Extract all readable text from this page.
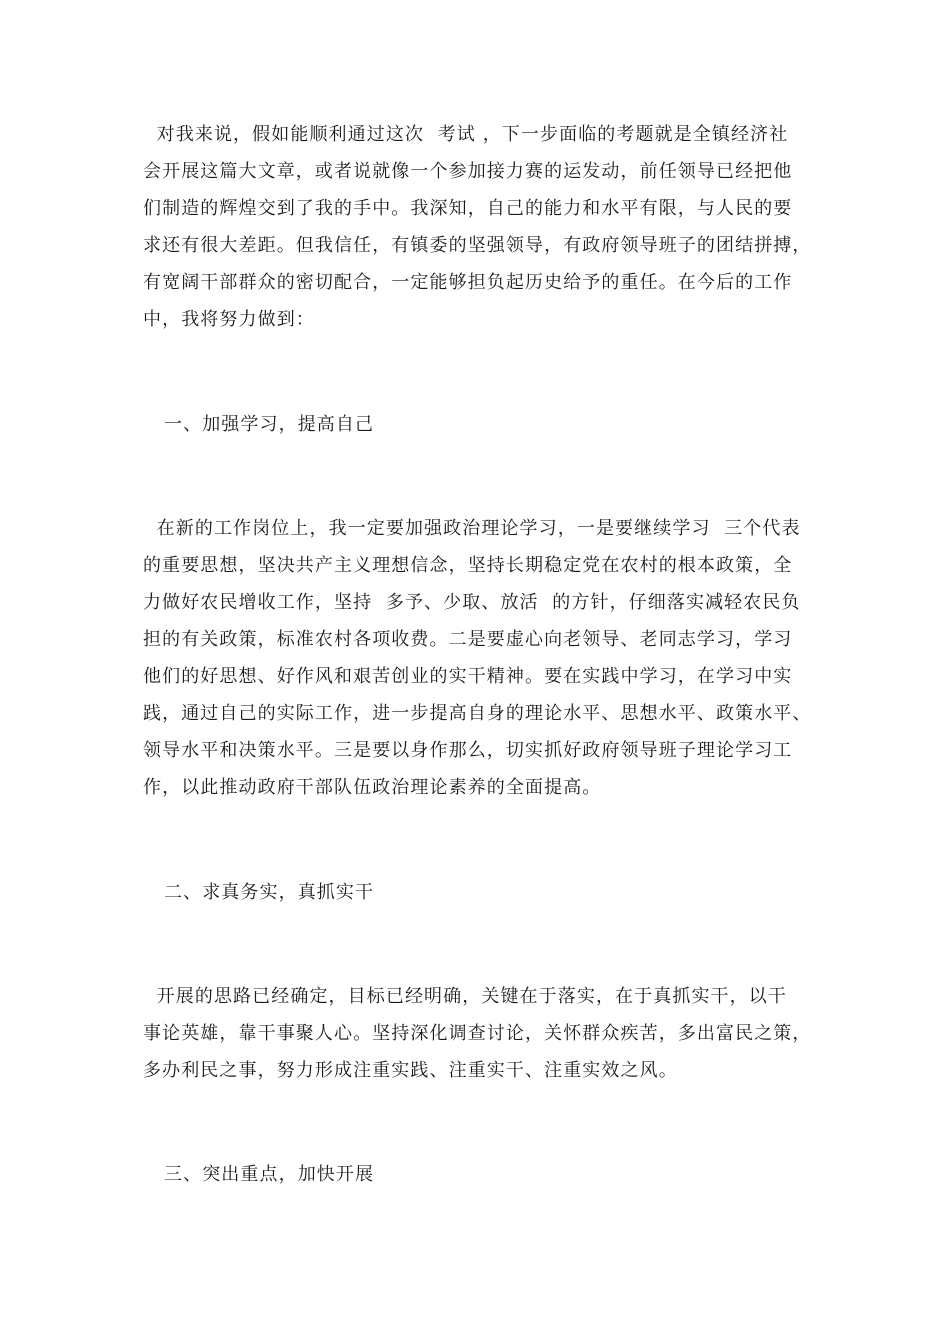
对我来说，假如能顺利通过这次  考试 ，下一步面临的考题就是全镇经济社
会开展这篇大文章，或者说就像一个参加接力赛的运发动，前任领导已经把他
们制造的辉煌交到了我的手中。我深知，自己的能力和水平有限，与人民的要
求还有很大差距。但我信任，有镇委的坚强领导，有政府领导班子的团结拼搏，
有宽阔干部群众的密切配合，一定能够担负起历史给予的重任。在今后的工作
中，我将努力做到：
一、加强学习，提高自己
在新的工作岗位上，我一定要加强政治理论学习，一是要继续学习  三个代表
的重要思想，坚决共产主义理想信念，坚持长期稳定党在农村的根本政策，全
力做好农民增收工作，坚持  多予、少取、放活  的方针，仔细落实减轻农民负
担的有关政策，标准农村各项收费。二是要虚心向老领导、老同志学习，学习
他们的好思想、好作风和艰苦创业的实干精神。要在实践中学习，在学习中实
践，通过自己的实际工作，进一步提高自身的理论水平、思想水平、政策水平、
领导水平和决策水平。三是要以身作那么，切实抓好政府领导班子理论学习工
作，以此推动政府干部队伍政治理论素养的全面提高。
二、求真务实，真抓实干
开展的思路已经确定，目标已经明确，关键在于落实，在于真抓实干，以干
事论英雄，靠干事聚人心。坚持深化调查讨论，关怀群众疾苦，多出富民之策，
多办利民之事，努力形成注重实践、注重实干、注重实效之风。
三、突出重点，加快开展
